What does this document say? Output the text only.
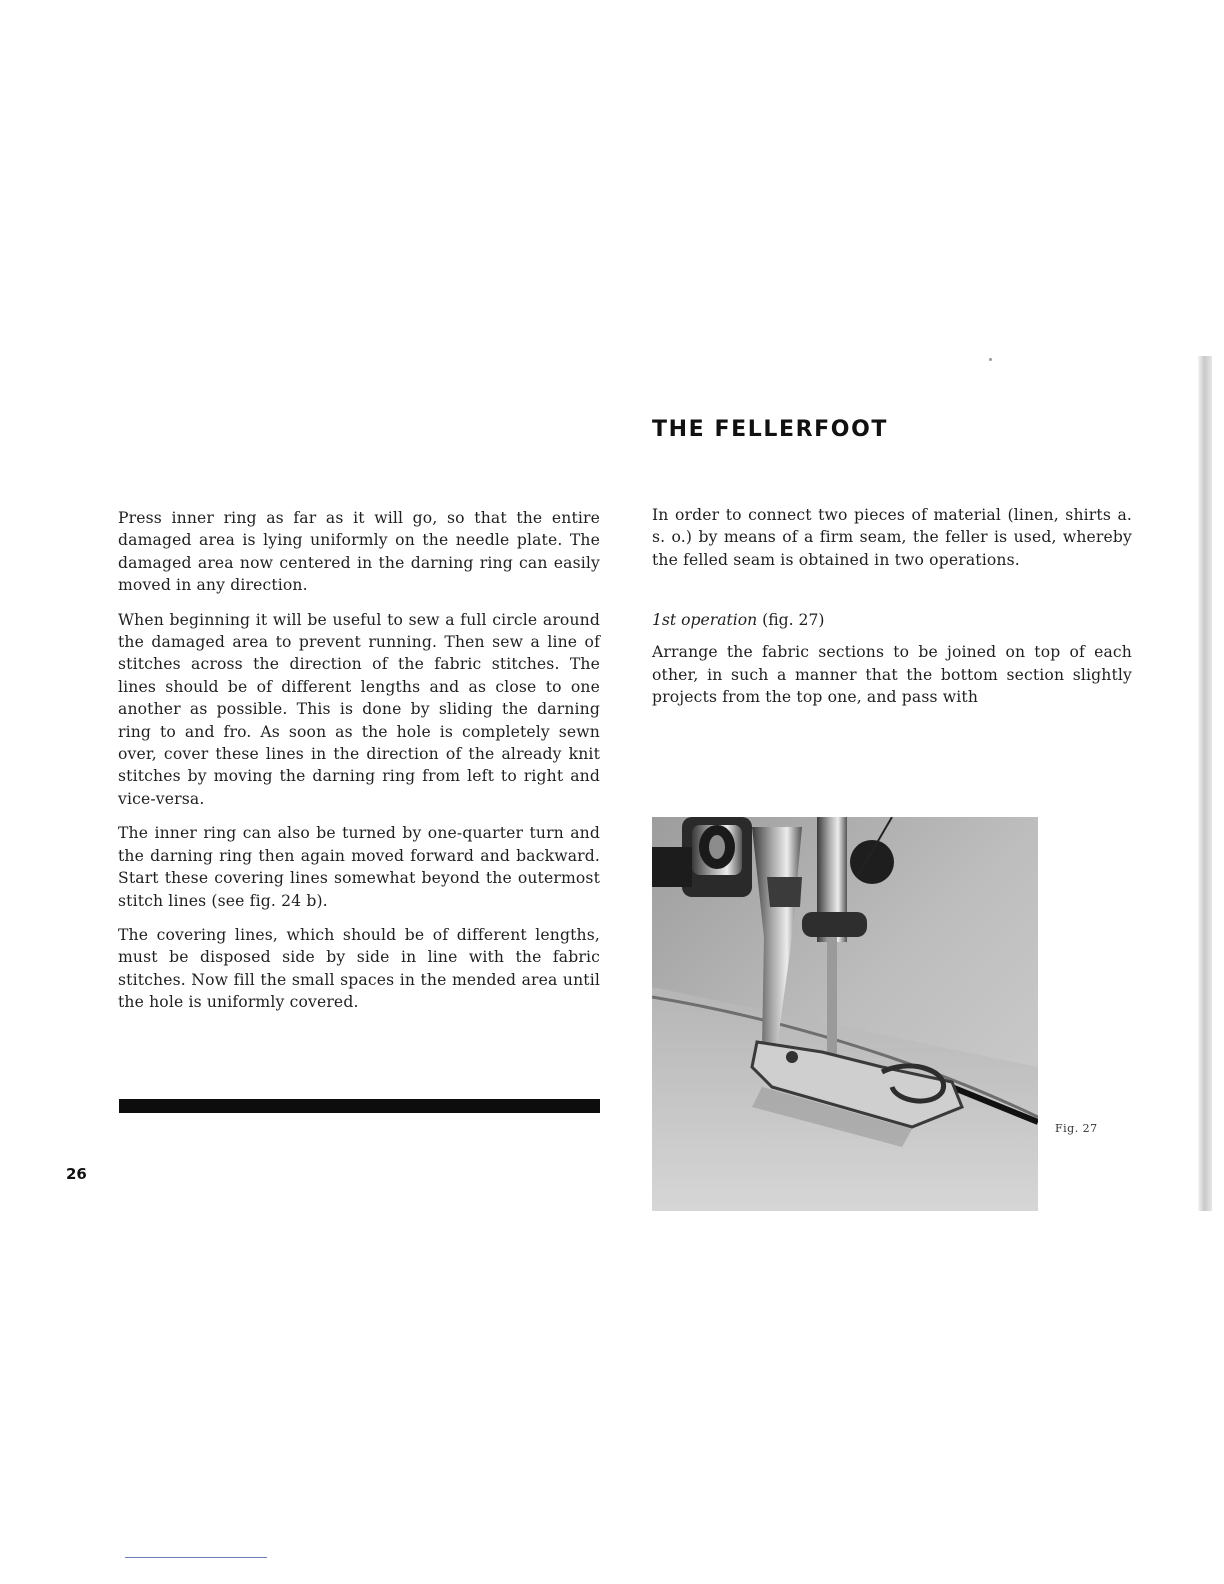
THE FELLERFOOT

Press inner ring as far as it will go, so that the entire damaged area is lying uniformly on the needle plate. The damaged area now centered in the darning ring can easily moved in any direction.

When beginning it will be useful to sew a full circle around the damaged area to prevent running. Then sew a line of stitches across the direction of the fabric stitches. The lines should be of different lengths and as close to one another as possible. This is done by sliding the darning ring to and fro. As soon as the hole is completely sewn over, cover these lines in the direction of the already knit stitches by moving the darning ring from left to right and vice-versa.

The inner ring can also be turned by one-quarter turn and the darning ring then again moved forward and backward. Start these covering lines somewhat beyond the outermost stitch lines (see fig. 24 b).

The covering lines, which should be of different lengths, must be disposed side by side in line with the fabric stitches. Now fill the small spaces in the mended area until the hole is uniformly covered.

26

In order to connect two pieces of material (linen, shirts a. s. o.) by means of a firm seam, the feller is used, whereby the felled seam is obtained in two operations.

1st operation (fig. 27)

Arrange the fabric sections to be joined on top of each other, in such a manner that the bottom section slightly projects from the top one, and pass with

Fig. 27
